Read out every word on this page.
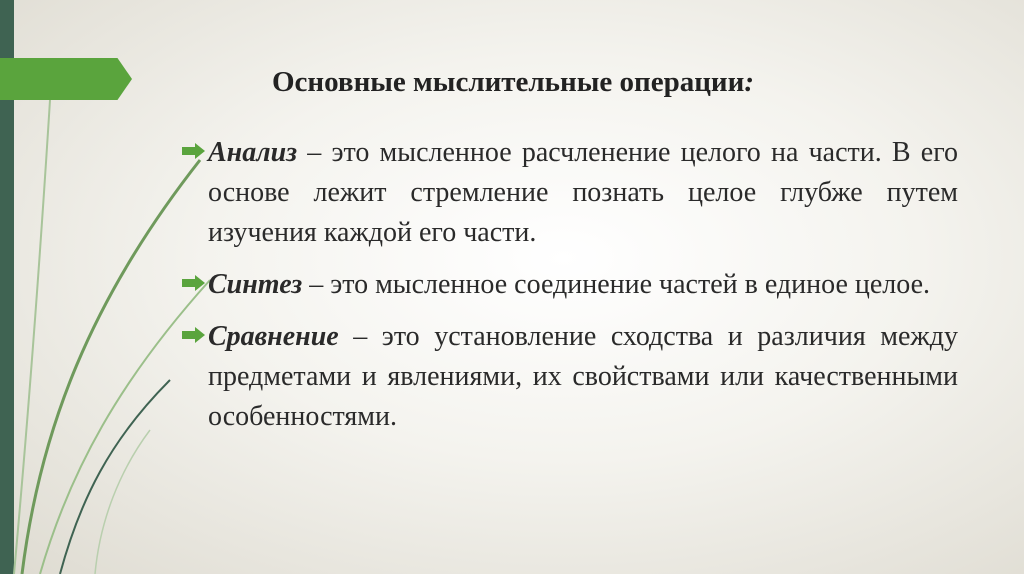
Основные мыслительные операции:
Анализ – это мысленное расчленение целого на части. В его основе лежит стремление познать целое глубже путем изучения каждой его части.
Синтез – это мысленное соединение частей в единое целое.
Сравнение – это установление сходства и различия между предметами и явлениями, их свойствами или качественными особенностями.
